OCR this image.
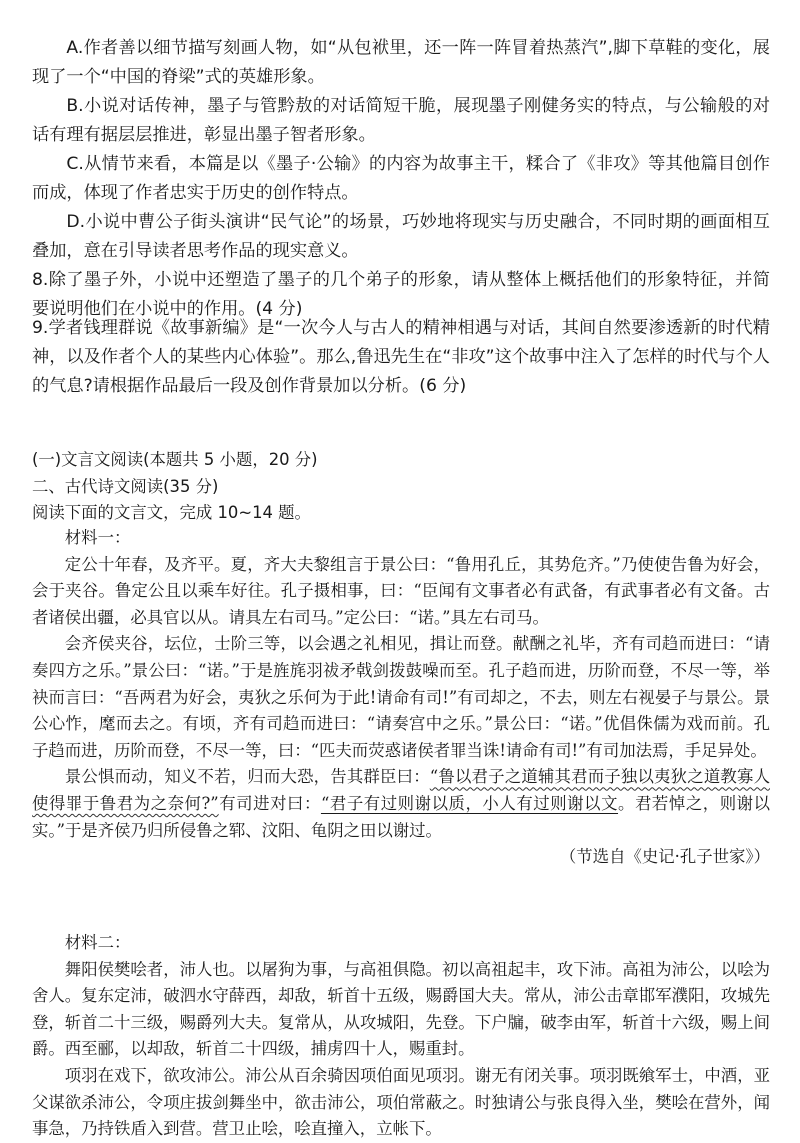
A.作者善以细节描写刻画人物，如“从包袱里，还一阵一阵冒着热蒸汽”,脚下草鞋的变化，展现了一个“中国的脊梁”式的英雄形象。

B.小说对话传神，墨子与管黔敖的对话简短干脆，展现墨子刚健务实的特点，与公输般的对话有理有据层层推进，彰显出墨子智者形象。

C.从情节来看，本篇是以《墨子·公输》的内容为故事主干，糅合了《非攻》等其他篇目创作而成，体现了作者忠实于历史的创作特点。

D.小说中曹公子街头演讲“民气论”的场景，巧妙地将现实与历史融合，不同时期的画面相互叠加，意在引导读者思考作品的现实意义。

8.除了墨子外，小说中还塑造了墨子的几个弟子的形象，请从整体上概括他们的形象特征，并简要说明他们在小说中的作用。(4 分)

9.学者钱理群说《故事新编》是“一次今人与古人的精神相遇与对话，其间自然要渗透新的时代精神，以及作者个人的某些内心体验”。那么,鲁迅先生在“非攻”这个故事中注入了怎样的时代与个人的气息?请根据作品最后一段及创作背景加以分析。(6 分)

(一)文言文阅读(本题共 5 小题，20 分)

二、古代诗文阅读(35 分)

阅读下面的文言文，完成 10~14 题。

材料一：

定公十年春，及齐平。夏，齐大夫黎组言于景公曰：“鲁用孔丘，其势危齐。”乃使使告鲁为好会，会于夹谷。鲁定公且以乘车好往。孔子摄相事，曰：“臣闻有文事者必有武备，有武事者必有文备。古者诸侯出疆，必具官以从。请具左右司马。”定公曰：“诺。”具左右司马。

会齐侯夹谷，坛位，士阶三等，以会遇之礼相见，揖让而登。献酬之礼毕，齐有司趋而进曰：“请奏四方之乐。”景公曰：“诺。”于是旌旄羽祓矛戟剑拨鼓噪而至。孔子趋而进，历阶而登，不尽一等，举袂而言曰：“吾两君为好会，夷狄之乐何为于此!请命有司!”有司却之，不去，则左右视晏子与景公。景公心怍，麾而去之。有顷，齐有司趋而进曰：“请奏宫中之乐。”景公曰：“诺。”优倡侏儒为戏而前。孔子趋而进，历阶而登，不尽一等，曰：“匹夫而荧惑诸侯者罪当诛!请命有司!”有司加法焉，手足异处。

景公惧而动，知义不若，归而大恐，告其群臣曰：“鲁以君子之道辅其君而子独以夷狄之道教寡人使得罪于鲁君为之奈何?”有司进对曰：“君子有过则谢以质，小人有过则谢以文。君若悼之，则谢以实。”于是齐侯乃归所侵鲁之郓、汶阳、龟阴之田以谢过。

（节选自《史记·孔子世家》）

材料二：

舞阳侯樊哙者，沛人也。以屠狗为事，与高祖俱隐。初以高祖起丰，攻下沛。高祖为沛公，以哙为舍人。复东定沛，破泗水守薛西，却敌，斩首十五级，赐爵国大夫。常从，沛公击章邯军濮阳，攻城先登，斩首二十三级，赐爵列大夫。复常从，从攻城阳，先登。下户牖，破李由军，斩首十六级，赐上间爵。西至郦，以却敌，斩首二十四级，捕虏四十人，赐重封。

项羽在戏下，欲攻沛公。沛公从百余骑因项伯面见项羽。谢无有闭关事。项羽既飨军士，中酒，亚父谋欲杀沛公，令项庄拔剑舞坐中，欲击沛公，项伯常蔽之。时独请公与张良得入坐，樊哙在营外，闻事急，乃持铁盾入到营。营卫止哙，哙直撞入，立帐下。
